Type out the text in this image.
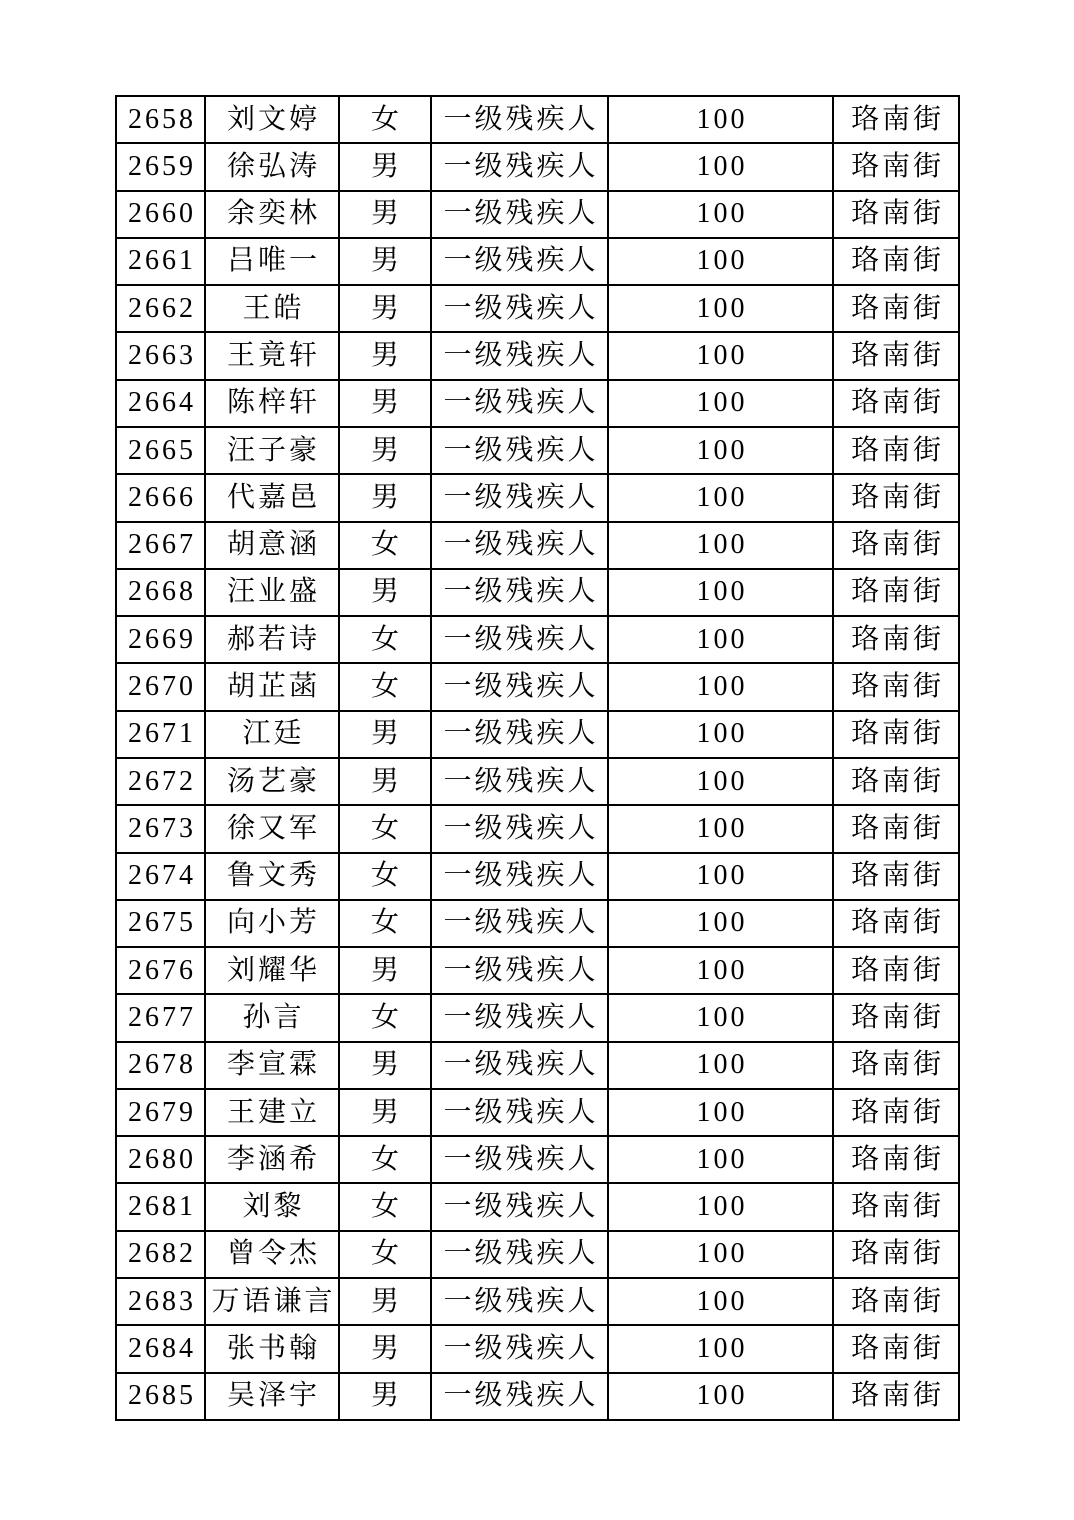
2658	刘文婷	女	一级残疾人	100	珞南街
2659	徐弘涛	男	一级残疾人	100	珞南街
2660	余奕林	男	一级残疾人	100	珞南街
2661	吕唯一	男	一级残疾人	100	珞南街
2662	王皓	男	一级残疾人	100	珞南街
2663	王竟轩	男	一级残疾人	100	珞南街
2664	陈梓轩	男	一级残疾人	100	珞南街
2665	汪子豪	男	一级残疾人	100	珞南街
2666	代嘉邑	男	一级残疾人	100	珞南街
2667	胡意涵	女	一级残疾人	100	珞南街
2668	汪业盛	男	一级残疾人	100	珞南街
2669	郝若诗	女	一级残疾人	100	珞南街
2670	胡芷菡	女	一级残疾人	100	珞南街
2671	江廷	男	一级残疾人	100	珞南街
2672	汤艺豪	男	一级残疾人	100	珞南街
2673	徐又军	女	一级残疾人	100	珞南街
2674	鲁文秀	女	一级残疾人	100	珞南街
2675	向小芳	女	一级残疾人	100	珞南街
2676	刘耀华	男	一级残疾人	100	珞南街
2677	孙言	女	一级残疾人	100	珞南街
2678	李宣霖	男	一级残疾人	100	珞南街
2679	王建立	男	一级残疾人	100	珞南街
2680	李涵希	女	一级残疾人	100	珞南街
2681	刘黎	女	一级残疾人	100	珞南街
2682	曾令杰	女	一级残疾人	100	珞南街
2683	万语谦言	男	一级残疾人	100	珞南街
2684	张书翰	男	一级残疾人	100	珞南街
2685	吴泽宇	男	一级残疾人	100	珞南街
